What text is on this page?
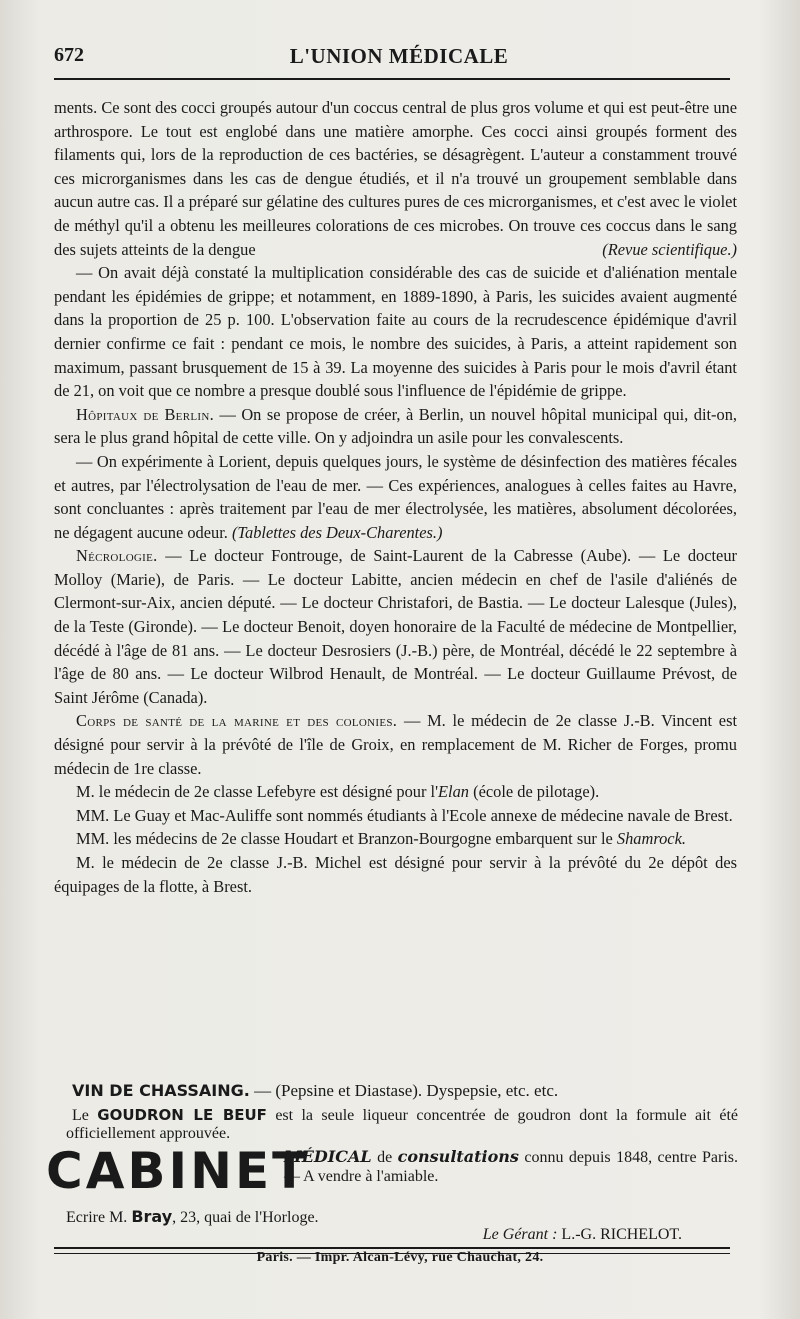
672	L'UNION MÉDICALE

ments. Ce sont des cocci groupés autour d'un coccus central de plus gros volume et qui est peut-être une arthrospore. Le tout est englobé dans une matière amorphe. Ces cocci ainsi groupés forment des filaments qui, lors de la reproduction de ces bactéries, se désagrègent. L'auteur a constamment trouvé ces microrganismes dans les cas de dengue étudiés, et il n'a trouvé un groupement semblable dans aucun autre cas. Il a préparé sur gélatine des cultures pures de ces microrganismes, et c'est avec le violet de méthyl qu'il a obtenu les meilleures colorations de ces microbes. On trouve ces coccus dans le sang des sujets atteints de la dengue	(Revue scientifique.)

— On avait déjà constaté la multiplication considérable des cas de suicide et d'aliénation mentale pendant les épidémies de grippe; et notamment, en 1889-1890, à Paris, les suicides avaient augmenté dans la proportion de 25 p. 100. L'observation faite au cours de la recrudescence épidémique d'avril dernier confirme ce fait : pendant ce mois, le nombre des suicides, à Paris, a atteint rapidement son maximum, passant brusquement de 15 à 39. La moyenne des suicides à Paris pour le mois d'avril étant de 21, on voit que ce nombre a presque doublé sous l'influence de l'épidémie de grippe.

Hôpitaux de Berlin. — On se propose de créer, à Berlin, un nouvel hôpital municipal qui, dit-on, sera le plus grand hôpital de cette ville. On y adjoindra un asile pour les convalescents.

— On expérimente à Lorient, depuis quelques jours, le système de désinfection des matières fécales et autres, par l'électrolysation de l'eau de mer. — Ces expériences, analogues à celles faites au Havre, sont concluantes : après traitement par l'eau de mer électrolysée, les matières, absolument décolorées, ne dégagent aucune odeur. (Tablettes des Deux-Charentes.)

Nécrologie. — Le docteur Fontrouge, de Saint-Laurent de la Cabresse (Aube). — Le docteur Molloy (Marie), de Paris. — Le docteur Labitte, ancien médecin en chef de l'asile d'aliénés de Clermont-sur-Aix, ancien député. — Le docteur Christafori, de Bastia. — Le docteur Lalesque (Jules), de la Teste (Gironde). — Le docteur Benoit, doyen honoraire de la Faculté de médecine de Montpellier, décédé à l'âge de 81 ans. — Le docteur Desrosiers (J.-B.) père, de Montréal, décédé le 22 septembre à l'âge de 80 ans. — Le docteur Wilbrod Henault, de Montréal. — Le docteur Guillaume Prévost, de Saint Jérôme (Canada).

Corps de santé de la marine et des colonies. — M. le médecin de 2e classe J.-B. Vincent est désigné pour servir à la prévôté de l'île de Groix, en remplacement de M. Richer de Forges, promu médecin de 1re classe.

M. le médecin de 2e classe Lefebyre est désigné pour l'Elan (école de pilotage).

MM. Le Guay et Mac-Auliffe sont nommés étudiants à l'Ecole annexe de médecine navale de Brest.

MM. les médecins de 2e classe Houdart et Branzon-Bourgogne embarquent sur le Shamrock.

M. le médecin de 2e classe J.-B. Michel est désigné pour servir à la prévôté du 2e dépôt des équipages de la flotte, à Brest.

VIN DE CHASSAING. — (Pepsine et Diastase). Dyspepsie, etc. etc.
Le GOUDRON LE BEUF est la seule liqueur concentrée de goudron dont la formule ait été officiellement approuvée.
CABINET
MÉDICAL de consultations connu depuis 1848, centre Paris. — A vendre à l'amiable.
Ecrire M. Bray, 23, quai de l'Horloge.
Le Gérant : L.-G. RICHELOT.
Paris. — Impr. Alcan-Lévy, rue Chauchat, 24.
